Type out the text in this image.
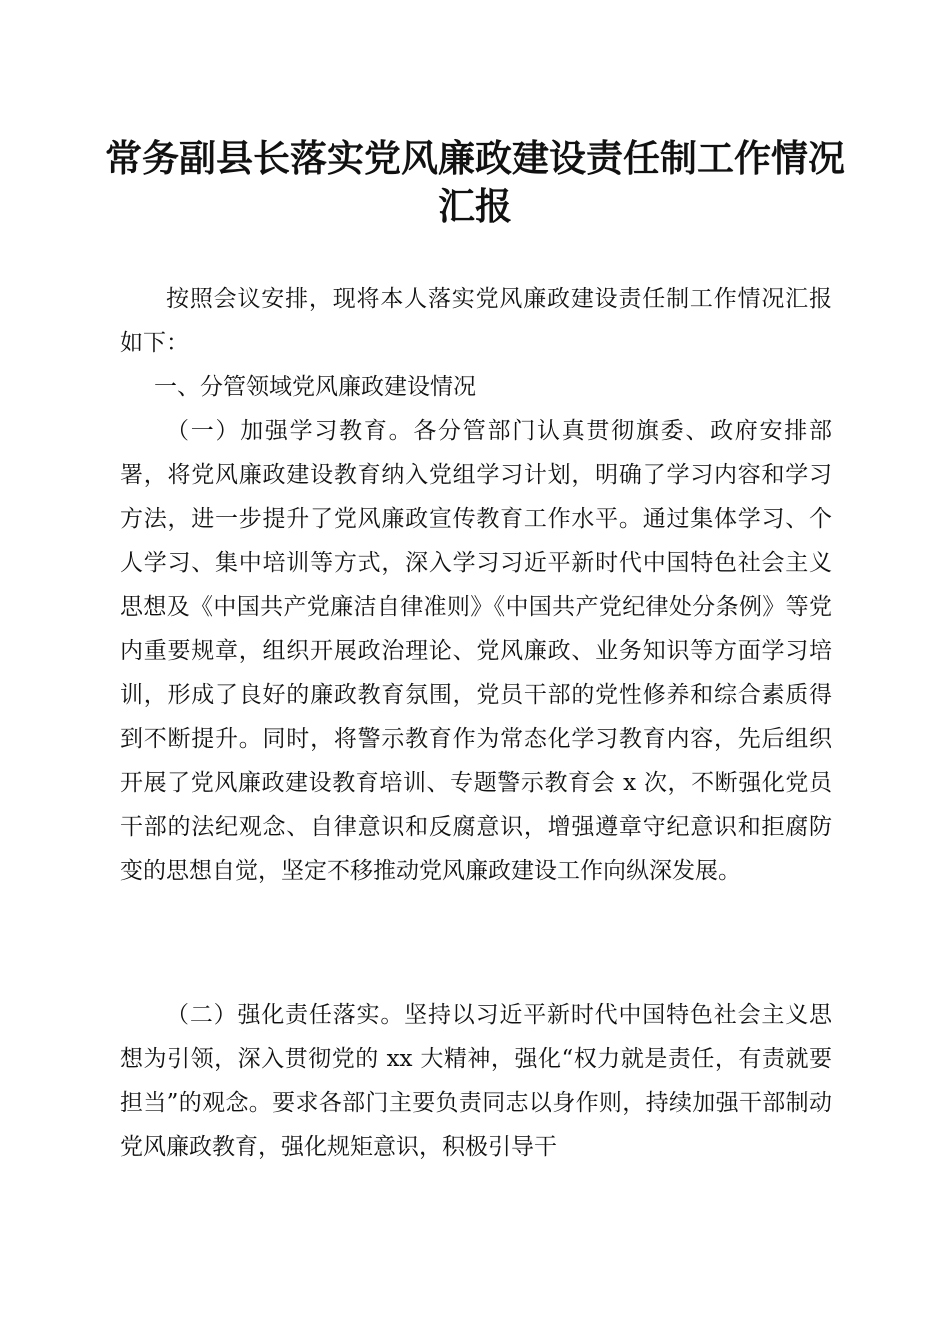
常务副县长落实党风廉政建设责任制工作情况
汇报

按照会议安排，现将本人落实党风廉政建设责任制工作情况汇报如下：

一、分管领域党风廉政建设情况

（一）加强学习教育。各分管部门认真贯彻旗委、政府安排部署，将党风廉政建设教育纳入党组学习计划，明确了学习内容和学习方法，进一步提升了党风廉政宣传教育工作水平。通过集体学习、个人学习、集中培训等方式，深入学习习近平新时代中国特色社会主义思想及《中国共产党廉洁自律准则》《中国共产党纪律处分条例》等党内重要规章，组织开展政治理论、党风廉政、业务知识等方面学习培训，形成了良好的廉政教育氛围，党员干部的党性修养和综合素质得到不断提升。同时，将警示教育作为常态化学习教育内容，先后组织开展了党风廉政建设教育培训、专题警示教育会 x 次，不断强化党员干部的法纪观念、自律意识和反腐意识，增强遵章守纪意识和拒腐防变的思想自觉，坚定不移推动党风廉政建设工作向纵深发展。

（二）强化责任落实。坚持以习近平新时代中国特色社会主义思想为引领，深入贯彻党的 xx 大精神，强化“权力就是责任，有责就要担当”的观念。要求各部门主要负责同志以身作则，持续加强干部制动党风廉政教育，强化规矩意识，积极引导干
